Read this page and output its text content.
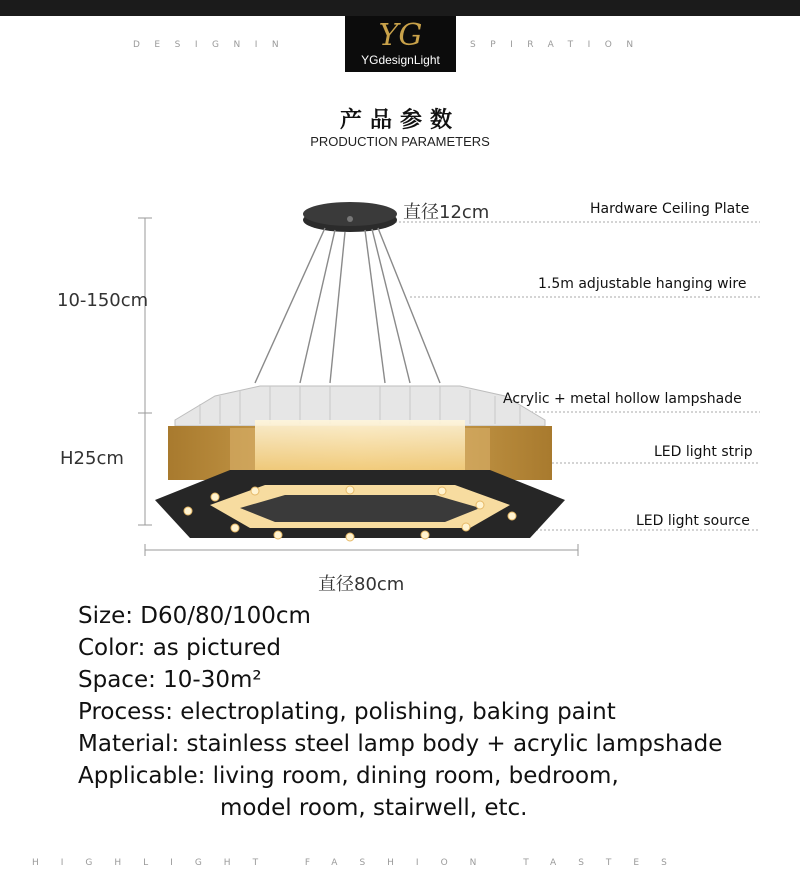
DESIGNIN	YG
YGdesignLight
SPIRATION
产品参数
PRODUCTION PARAMETERS
直径12cm
10-150cm
H25cm
直径80cm
Hardware Ceiling Plate
1.5m adjustable hanging wire
Acrylic + metal hollow lampshade
LED light strip
LED light source
Size: D60/80/100cm
Color: as pictured
Space: 10-30m²
Process: electroplating, polishing, baking paint
Material: stainless steel lamp body + acrylic lampshade
Applicable: living room, dining room, bedroom,
model room, stairwell, etc.
HIGHLIGHT FASHION TASTES
